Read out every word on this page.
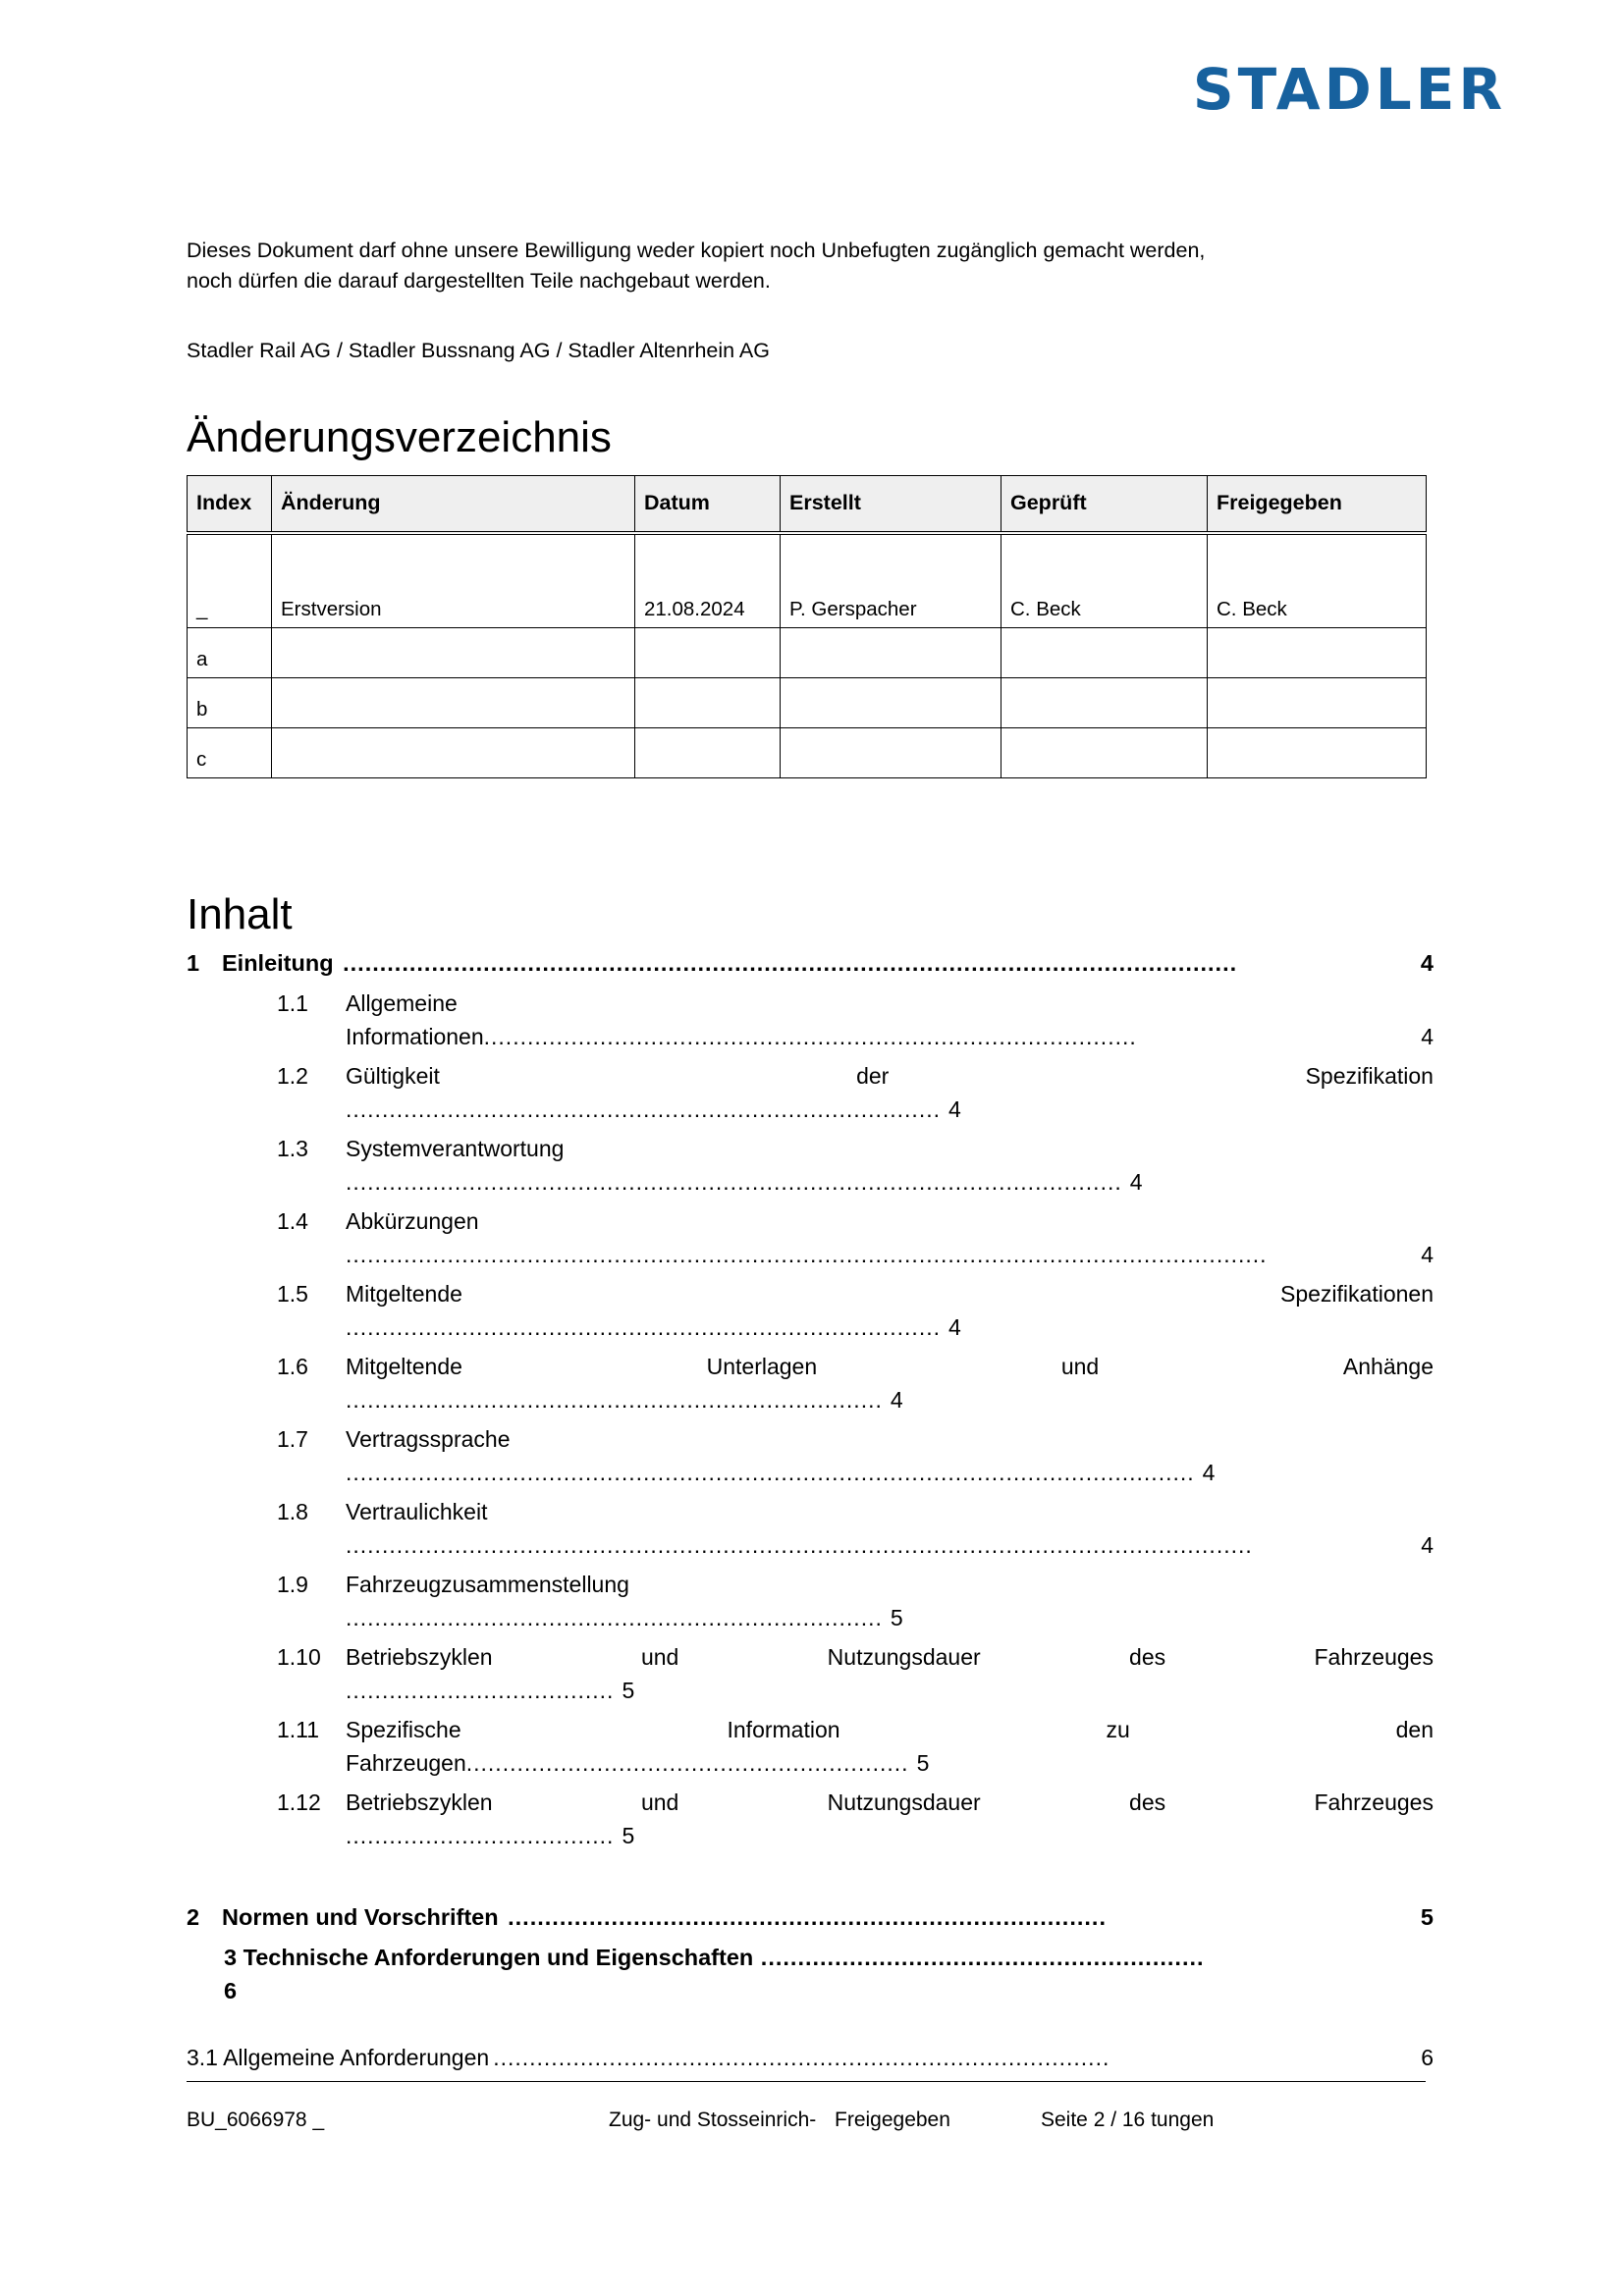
STADLER

Dieses Dokument darf ohne unsere Bewilligung weder kopiert noch Unbefugten zugänglich gemacht werden,
noch dürfen die darauf dargestellten Teile nachgebaut werden.

Stadler Rail AG / Stadler Bussnang AG / Stadler Altenrhein AG

Änderungsverzeichnis
Index	Änderung	Datum	Erstellt	Geprüft	Freigegeben
_	Erstversion	21.08.2024	P. Gerspacher	C. Beck	C. Beck
a					
b					
c					
Inhalt
1 Einleitung .........................................................................................................................	4
1.1	Allgemeine
Informationen ..........................................................................................	4
1.2	Gültigkeit	der	Spezifikation
.................................................................................. 4
1.3	Systemverantwortung
........................................................................................................... 4
1.4	Abkürzungen
...............................................................................................................................	4
1.5	Mitgeltende	Spezifikationen
.................................................................................. 4
1.6	Mitgeltende	Unterlagen	und	Anhänge
.......................................................................... 4
1.7	Vertragssprache
..................................................................................................................... 4
1.8	Vertraulichkeit
.............................................................................................................................	4
1.9	Fahrzeugzusammenstellung
.......................................................................... 5
1.10	Betriebszyklen	und	Nutzungsdauer	des	Fahrzeuges
..................................... 5
1.11	Spezifische	Information	zu	den
Fahrzeugen ............................................................. 5
1.12	Betriebszyklen	und	Nutzungsdauer	des	Fahrzeuges
..................................... 5
2 Normen und Vorschriften .................................................................................	5
3 Technische Anforderungen und Eigenschaften ............................................................
6
3.1 Allgemeine Anforderungen .....................................................................................	6
BU_6066978 _	Zug- und Stosseinrich- Freigegeben	Seite 2 / 16 tungen
